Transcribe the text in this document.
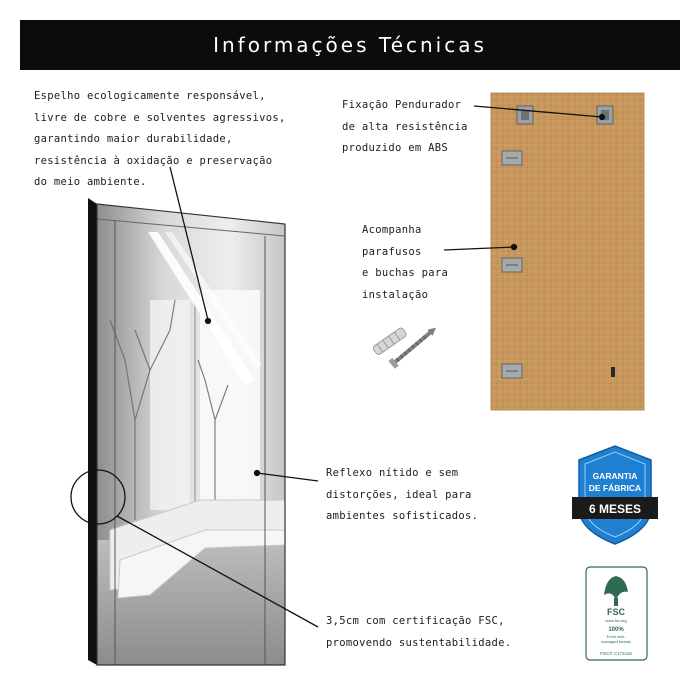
Informações Técnicas
GARANTIA
DE FÁBRICA
6 MESES
FSC
www.fsc.org
100%
From well-
managed forests
FSC® C172118
Espelho ecologicamente responsável,
livre de cobre e solventes agressivos,
garantindo maior durabilidade,
resistência à oxidação e preservação
do meio ambiente.
Fixação Pendurador
de alta resistência
produzido em ABS
Acompanha
parafusos
e buchas para
instalação
Reflexo nítido e sem
distorções, ideal para
ambientes sofisticados.
3,5cm com certificação FSC,
promovendo sustentabilidade.
